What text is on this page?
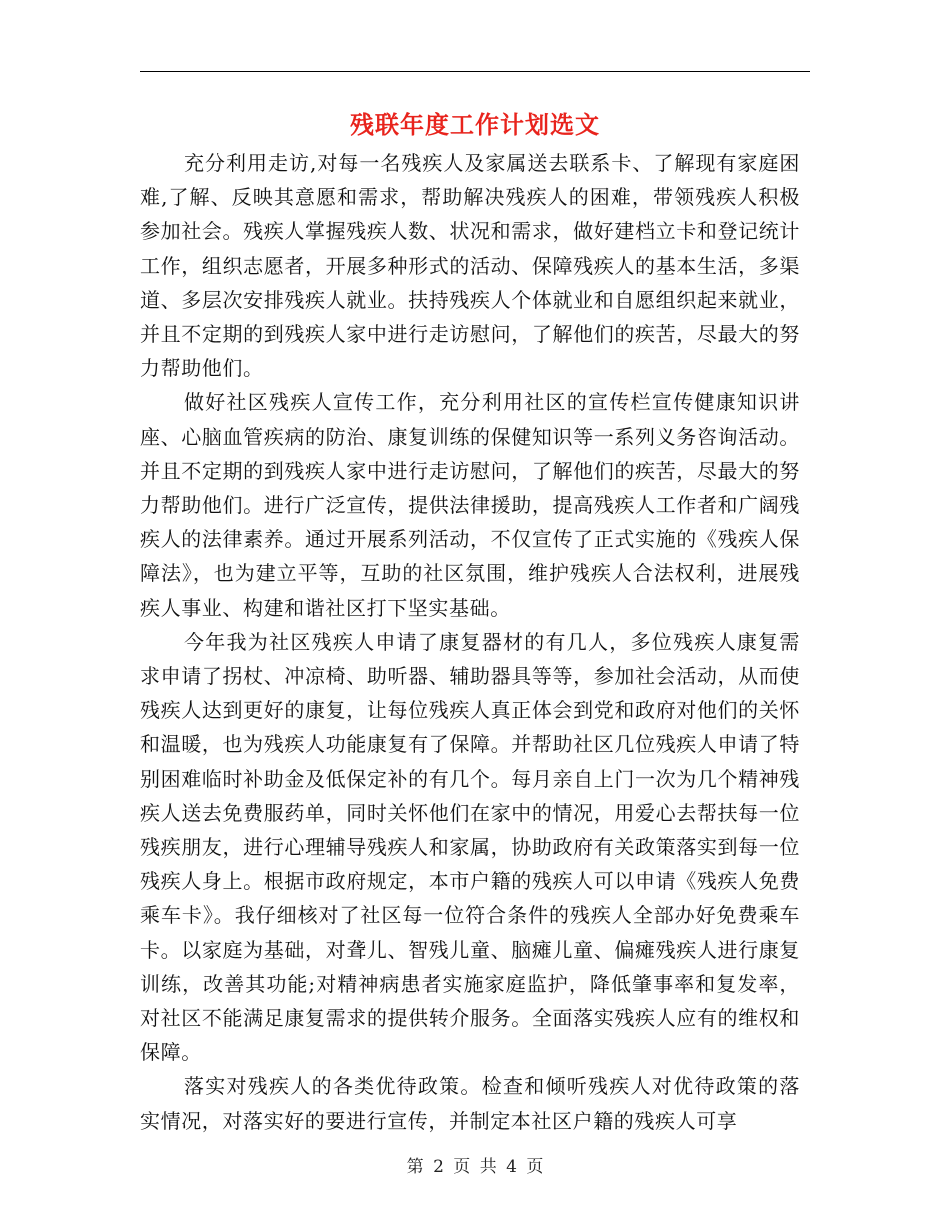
残联年度工作计划选文

充分利用走访,对每一名残疾人及家属送去联系卡、了解现有家庭困难,了解、反映其意愿和需求，帮助解决残疾人的困难，带领残疾人积极参加社会。残疾人掌握残疾人数、状况和需求，做好建档立卡和登记统计工作，组织志愿者，开展多种形式的活动、保障残疾人的基本生活，多渠道、多层次安排残疾人就业。扶持残疾人个体就业和自愿组织起来就业，并且不定期的到残疾人家中进行走访慰问，了解他们的疾苦，尽最大的努力帮助他们。

做好社区残疾人宣传工作，充分利用社区的宣传栏宣传健康知识讲座、心脑血管疾病的防治、康复训练的保健知识等一系列义务咨询活动。并且不定期的到残疾人家中进行走访慰问，了解他们的疾苦，尽最大的努力帮助他们。进行广泛宣传，提供法律援助，提高残疾人工作者和广阔残疾人的法律素养。通过开展系列活动，不仅宣传了正式实施的《残疾人保障法》，也为建立平等，互助的社区氛围，维护残疾人合法权利，进展残疾人事业、构建和谐社区打下坚实基础。

今年我为社区残疾人申请了康复器材的有几人，多位残疾人康复需求申请了拐杖、冲凉椅、助听器、辅助器具等等，参加社会活动，从而使残疾人达到更好的康复，让每位残疾人真正体会到党和政府对他们的关怀和温暖，也为残疾人功能康复有了保障。并帮助社区几位残疾人申请了特别困难临时补助金及低保定补的有几个。每月亲自上门一次为几个精神残疾人送去免费服药单，同时关怀他们在家中的情况，用爱心去帮扶每一位残疾朋友，进行心理辅导残疾人和家属，协助政府有关政策落实到每一位残疾人身上。根据市政府规定，本市户籍的残疾人可以申请《残疾人免费乘车卡》。我仔细核对了社区每一位符合条件的残疾人全部办好免费乘车卡。以家庭为基础，对聋儿、智残儿童、脑瘫儿童、偏瘫残疾人进行康复训练，改善其功能;对精神病患者实施家庭监护，降低肇事率和复发率，对社区不能满足康复需求的提供转介服务。全面落实残疾人应有的维权和保障。

落实对残疾人的各类优待政策。检查和倾听残疾人对优待政策的落实情况，对落实好的要进行宣传，并制定本社区户籍的残疾人可享

第 2 页 共 4 页
